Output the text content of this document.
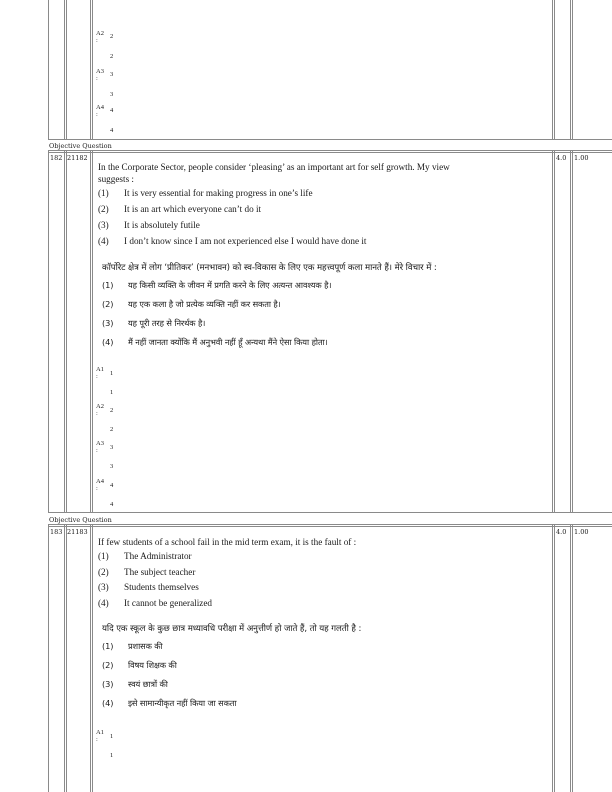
A2
:
2
2
A3
:
3
3
A4
:
4
4
Objective Question
182 21182	4.0 1.00
In the Corporate Sector, people consider ‘pleasing’ as an important art for self growth. My view
suggests :
(1) It is very essential for making progress in one’s life
(2) It is an art which everyone can’t do it
(3) It is absolutely futile
(4) I don’t know since I am not experienced else I would have done it
कॉर्पोरेट क्षेत्र में लोग ‘प्रीतिकर’ (मनभावन) को स्व-विकास के लिए एक महत्त्वपूर्ण कला मानते हैं। मेरे विचार में :
(1) यह किसी व्यक्ति के जीवन में प्रगति करने के लिए अत्यन्त आवश्यक है।
(2) यह एक कला है जो प्रत्येक व्यक्ति नहीं कर सकता है।
(3) यह पूरी तरह से निरर्थक है।
(4) मैं नहीं जानता क्योंकि मैं अनुभवी नहीं हूँ अन्यथा मैंने ऐसा किया होता।
A1
: 1
1
A2
: 2
2
A3
: 3
3
A4
: 4
4
Objective Question
183 21183	4.0 1.00
If few students of a school fail in the mid term exam, it is the fault of :
(1) The Administrator
(2) The subject teacher
(3) Students themselves
(4) It cannot be generalized
यदि एक स्कूल के कुछ छात्र मध्यावधि परीक्षा में अनुत्तीर्ण हो जाते हैं, तो यह गलती है :
(1) प्रशासक की
(2) विषय शिक्षक की
(3) स्वयं छात्रों की
(4) इसे सामान्यीकृत नहीं किया जा सकता
A1
: 1
1
